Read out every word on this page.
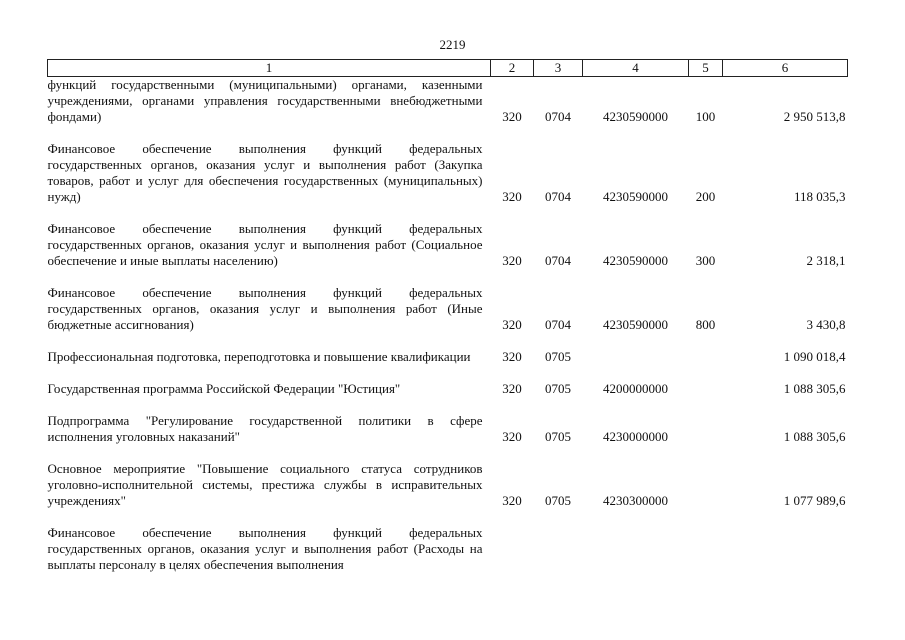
2219
1	2	3	4	5	6
функций государственными (муниципальными) органами, казенными учреждениями, органами управления государственными внебюджетными фондами)	320	0704	4230590000	100	2 950 513,8
Финансовое обеспечение выполнения функций федеральных государственных органов, оказания услуг и выполнения работ (Закупка товаров, работ и услуг для обеспечения государственных (муниципальных) нужд)	320	0704	4230590000	200	118 035,3
Финансовое обеспечение выполнения функций федеральных государственных органов, оказания услуг и выполнения работ (Социальное обеспечение и иные выплаты населению)	320	0704	4230590000	300	2 318,1
Финансовое обеспечение выполнения функций федеральных государственных органов, оказания услуг и выполнения работ (Иные бюджетные ассигнования)	320	0704	4230590000	800	3 430,8
Профессиональная подготовка, переподготовка и повышение квалификации	320	0705			1 090 018,4
Государственная программа Российской Федерации "Юстиция"	320	0705	4200000000		1 088 305,6
Подпрограмма "Регулирование государственной политики в сфере исполнения уголовных наказаний"	320	0705	4230000000		1 088 305,6
Основное мероприятие "Повышение социального статуса сотрудников уголовно-исполнительной системы, престижа службы в исправительных учреждениях"	320	0705	4230300000		1 077 989,6
Финансовое обеспечение выполнения функций федеральных государственных органов, оказания услуг и выполнения работ (Расходы на выплаты персоналу в целях обеспечения выполнения					
